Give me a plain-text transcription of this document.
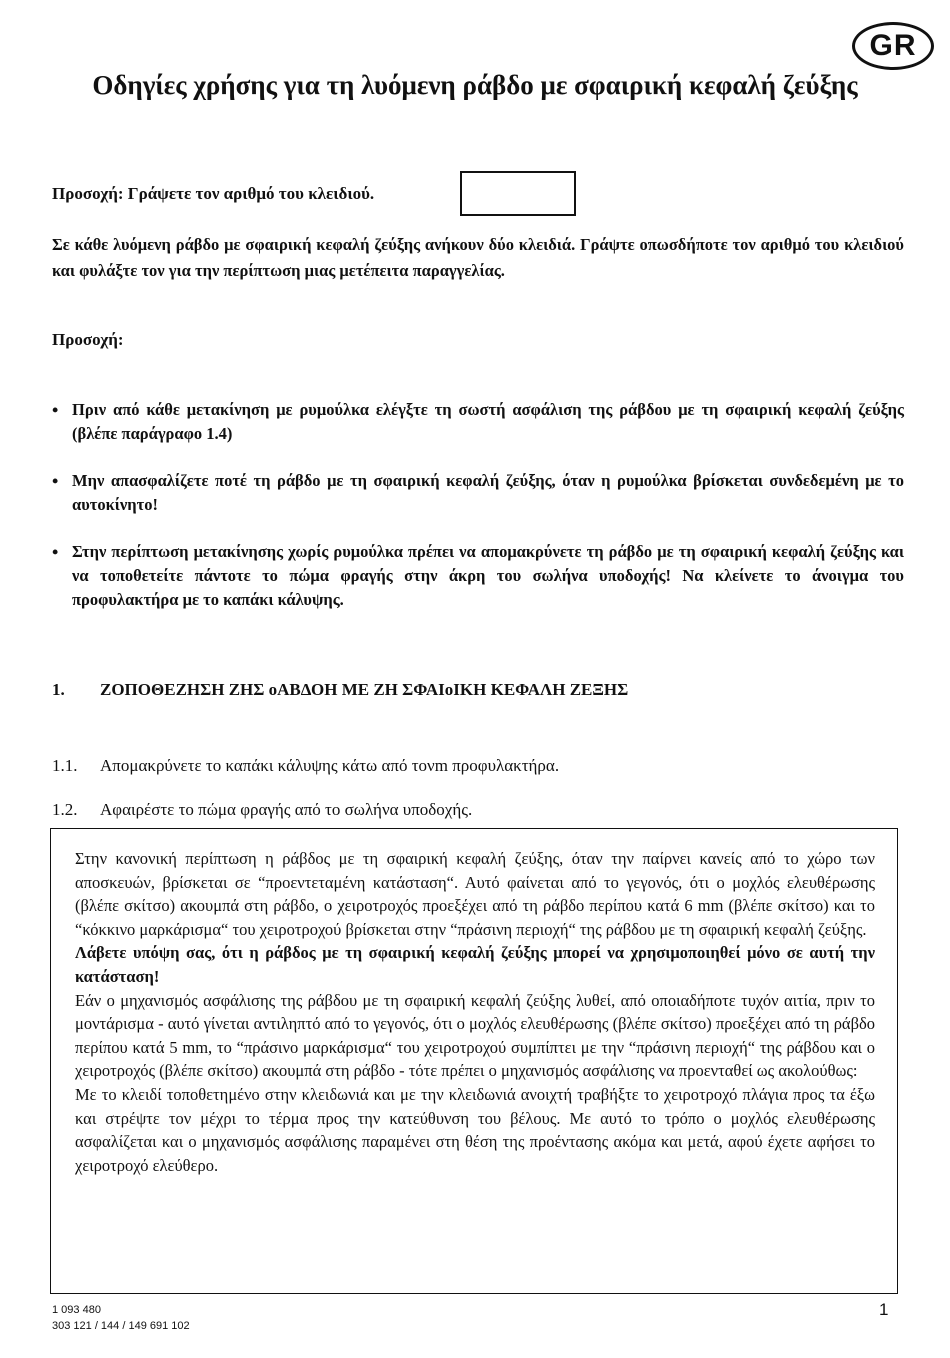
GR
Οδηγίες χρήσης για τη λυόμενη ράβδο με σφαιρική κεφαλή ζεύξης
Προσοχή: Γράψετε τον αριθμό του κλειδιού.
Σε κάθε λυόμενη ράβδο με σφαιρική κεφαλή ζεύξης ανήκουν δύο κλειδιά. Γράψτε οπωσδήποτε τον αριθμό του κλειδιού και φυλάξτε τον για την περίπτωση μιας μετέπειτα παραγγελίας.
Προσοχή:
• Πριν από κάθε μετακίνηση με ρυμούλκα ελέγξτε τη σωστή ασφάλιση της ράβδου με τη σφαιρική κεφαλή ζεύξης (βλέπε παράγραφο 1.4)
• Μην απασφαλίζετε ποτέ τη ράβδο με τη σφαιρική κεφαλή ζεύξης, όταν η ρυμούλκα βρίσκεται συνδεδεμένη με το αυτοκίνητο!
• Στην περίπτωση μετακίνησης χωρίς ρυμούλκα πρέπει να απομακρύνετε τη ράβδο με τη σφαιρική κεφαλή ζεύξης και να τοποθετείτε πάντοτε το πώμα φραγής στην άκρη του σωλήνα υποδοχής! Να κλείνετε το άνοιγμα του προφυλακτήρα με το καπάκι κάλυψης.
1. ΖΟΠΟΘΕΖΗΣΗ ΖΗΣ oΑΒΔΟΗ ΜΕ ΖΗ ΣΦΑΙoΙΚΗ ΚΕΦΑΛΗ ΖΕΞΗΣ
1.1. Απομακρύνετε το καπάκι κάλυψης κάτω από τονm προφυλακτήρα.
1.2. Αφαιρέστε το πώμα φραγής από το σωλήνα υποδοχής.

Στην κανονική περίπτωση η ράβδος με τη σφαιρική κεφαλή ζεύξης, όταν την παίρνει κανείς από το χώρο των αποσκευών, βρίσκεται σε “προεντεταμένη κατάσταση“. Αυτό φαίνεται από το γεγονός, ότι ο μοχλός ελευθέρωσης (βλέπε σκίτσο) ακουμπά στη ράβδο, ο χειροτροχός προεξέχει από τη ράβδο περίπου κατά 6 mm (βλέπε σκίτσο) και το “κόκκινο μαρκάρισμα“ του χειροτροχού βρίσκεται στην “πράσινη περιοχή“ της ράβδου με τη σφαιρική κεφαλή ζεύξης.

Λάβετε υπόψη σας, ότι η ράβδος με τη σφαιρική κεφαλή ζεύξης μπορεί να χρησιμοποιηθεί μόνο σε αυτή την κατάσταση!

Εάν ο μηχανισμός ασφάλισης της ράβδου με τη σφαιρική κεφαλή ζεύξης λυθεί, από οποιαδήποτε τυχόν αιτία, πριν το μοντάρισμα - αυτό γίνεται αντιληπτό από το γεγονός, ότι ο μοχλός ελευθέρωσης (βλέπε σκίτσο) προεξέχει από τη ράβδο περίπου κατά 5 mm, το “πράσινο μαρκάρισμα“ του χειροτροχού συμπίπτει με την “πράσινη περιοχή“ της ράβδου και ο χειροτροχός (βλέπε σκίτσο) ακουμπά στη ράβδο - τότε πρέπει ο μηχανισμός ασφάλισης να προενταθεί ως ακολούθως:

Με το κλειδί τοποθετημένο στην κλειδωνιά και με την κλειδωνιά ανοιχτή τραβήξτε το χειροτροχό πλάγια προς τα έξω και στρέψτε τον μέχρι το τέρμα προς την κατεύθυνση του βέλους. Με αυτό το τρόπο ο μοχλός ελευθέρωσης ασφαλίζεται και ο μηχανισμός ασφάλισης παραμένει στη θέση της προέντασης ακόμα και μετά, αφού έχετε αφήσει το χειροτροχό ελεύθερο.

1 093 480
303 121 / 144 / 149 691 102
1
